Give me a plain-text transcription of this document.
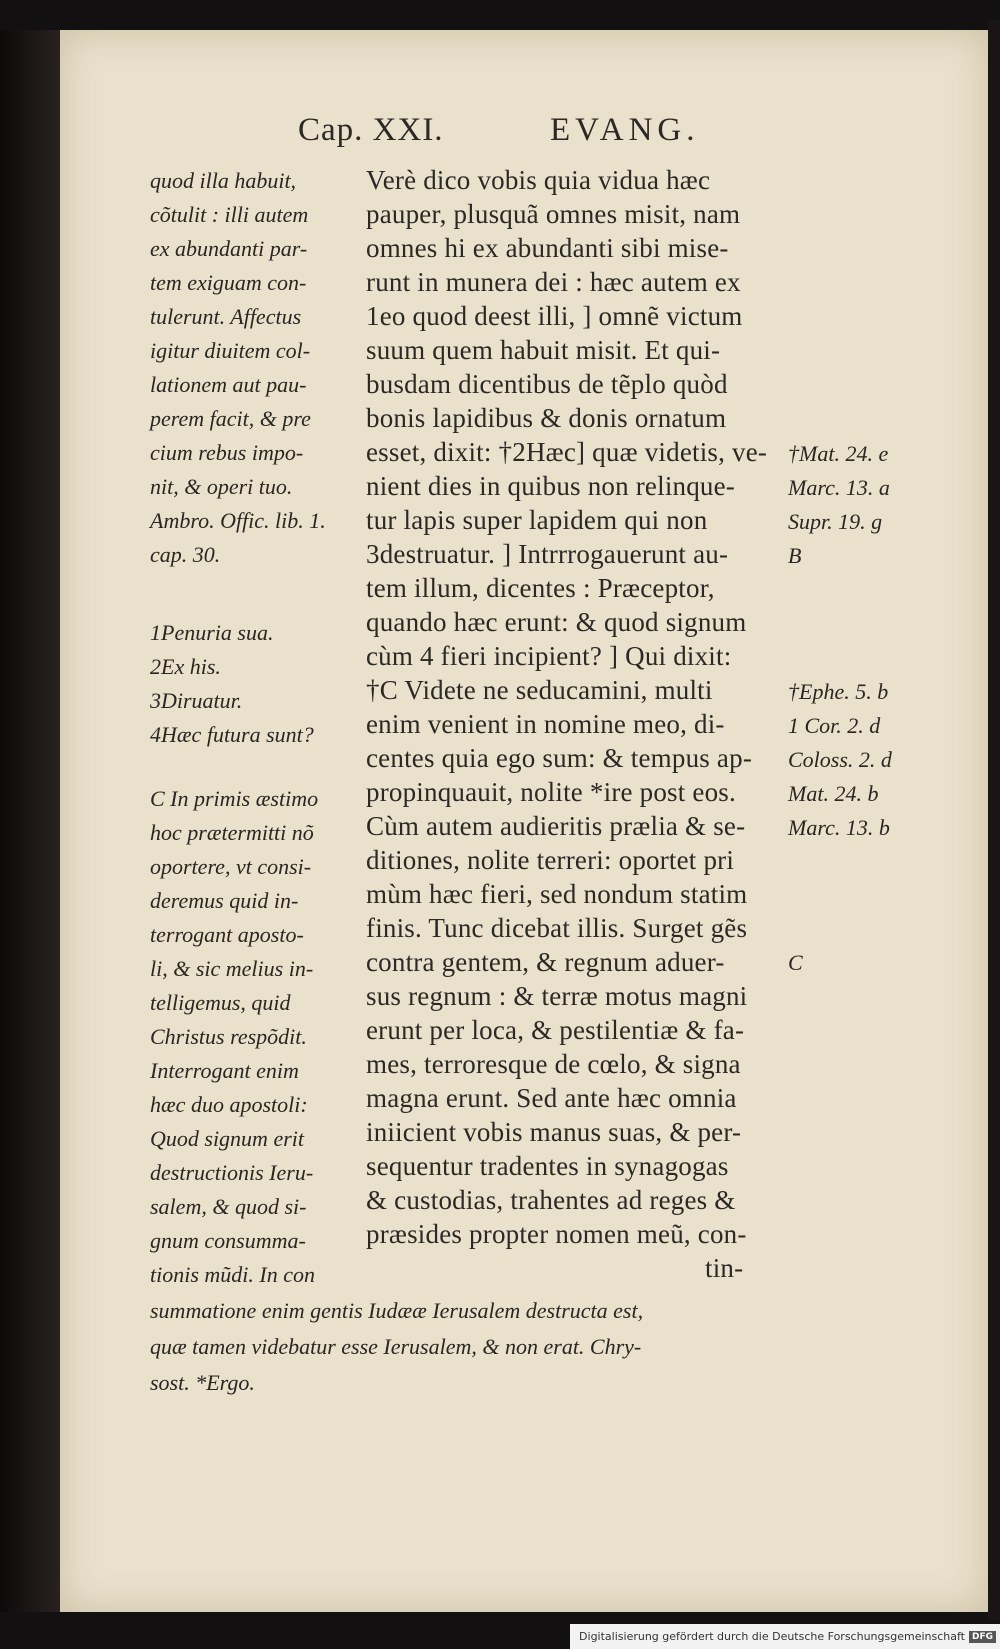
Cap. XXI.	EVANG.
quod illa habuit,
cõtulit : illi autem
ex abundanti par-
tem exiguam con-
tulerunt. Affectus
igitur diuitem col-
lationem aut pau-
perem facit, & pre
cium rebus impo-
nit, & operi tuo.
Ambro. Offic. lib. 1.
cap. 30.
1Penuria sua.
2Ex his.
3Diruatur.
4Hæc futura sunt?
C In primis æstimo
hoc prætermitti nõ
oportere, vt consi-
deremus quid in-
terrogant aposto-
li, & sic melius in-
telligemus, quid
Christus respõdit.
Interrogant enim
hæc duo apostoli:
Quod signum erit
destructionis Ieru-
salem, & quod si-
gnum consumma-
tionis mũdi. In con
Verè dico vobis quia vidua hæc
pauper, plusquã omnes misit, nam
omnes hi ex abundanti sibi mise-
runt in munera dei : hæc autem ex
1eo quod deest illi, ] omnẽ victum
suum quem habuit misit. Et qui-
busdam dicentibus de tẽplo quòd
bonis lapidibus & donis ornatum
esset, dixit: †2Hæc] quæ videtis, ve-
nient dies in quibus non relinque-
tur lapis super lapidem qui non
3destruatur. ] Intrrrogauerunt au-
tem illum, dicentes : Præceptor,
quando hæc erunt: & quod signum
cùm 4 fieri incipient? ] Qui dixit:
†C Videte ne seducamini, multi
enim venient in nomine meo, di-
centes quia ego sum: & tempus ap-
propinquauit, nolite *ire post eos.
Cùm autem audieritis prælia & se-
ditiones, nolite terreri: oportet pri
mùm hæc fieri, sed nondum statim
finis. Tunc dicebat illis. Surget gẽs
contra gentem, & regnum aduer-
sus regnum : & terræ motus magni
erunt per loca, & pestilentiæ & fa-
mes, terroresque de cœlo, & signa
magna erunt. Sed ante hæc omnia
iniicient vobis manus suas, & per-
sequentur tradentes in synagogas
& custodias, trahentes ad reges &
præsides propter nomen meũ, con-
tin-
†Mat. 24. e
Marc. 13. a
Supr. 19. g
B
†Ephe. 5. b
1 Cor. 2. d
Coloss. 2. d
Mat. 24. b
Marc. 13. b
C
summatione enim gentis Iudææ Ierusalem destructa est,
quæ tamen videbatur esse Ierusalem, & non erat. Chry-
sost. *Ergo.
Digitalisierung gefördert durch die Deutsche Forschungsgemeinschaft DFG
